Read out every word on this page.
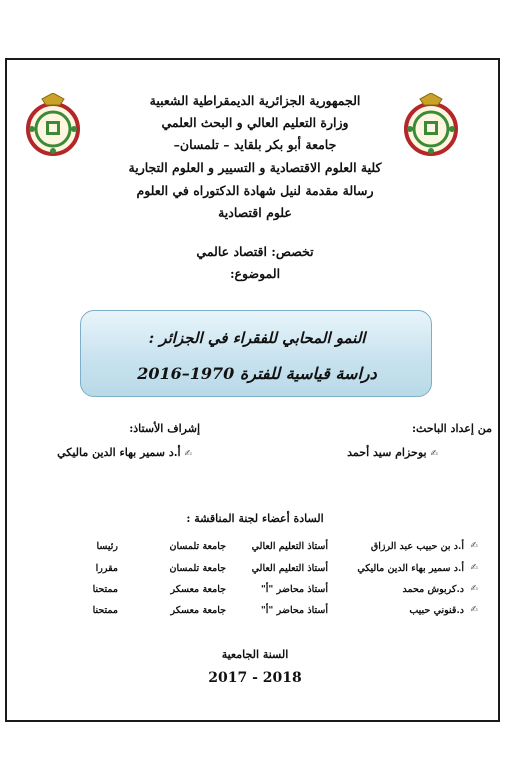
الجمهورية الجزائرية الديمقراطية الشعبية
وزارة التعليم العالي و البحث العلمي
جامعة أبو بكر بلقايد – تلمسان–
كلية العلوم الاقتصادية و التسيير و العلوم التجارية
رسالة مقدمة لنيل شهادة الدكتوراه في العلوم
علوم اقتصادية
تخصص: اقتصاد عالمي
الموضوع:
النمو المحابي للفقراء في الجزائر :
دراسة قياسية للفترة 1970–2016
من إعداد الباحث:
إشراف الأستاذ:
✍ بوحزام سيد أحمد
✍ أ.د سمير بهاء الدين ماليكي
السادة أعضاء لجنة المناقشة :
✍
أ.د بن حبيب عبد الرزاق
أستاذ التعليم العالي
جامعة تلمسان
رئيسا
✍
أ.د سمير بهاء الدين ماليكي
أستاذ التعليم العالي
جامعة تلمسان
مقررا
✍
د.كربوش محمد
أستاذ محاضر "أ"
جامعة معسكر
ممتحنا
✍
د.قنوني حبيب
أستاذ محاضر "أ"
جامعة معسكر
ممتحنا
السنة الجامعية
2017 - 2018
